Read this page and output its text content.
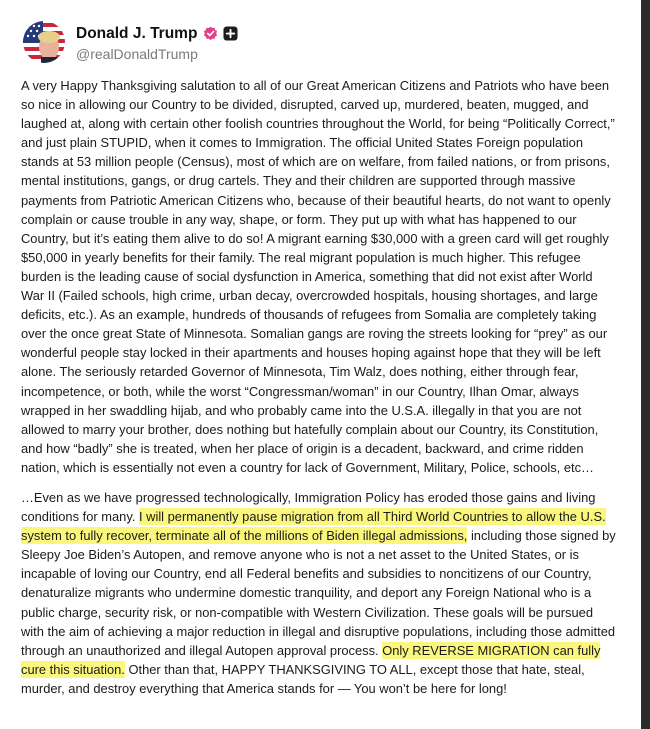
Donald J. Trump
@realDonaldTrump

A very Happy Thanksgiving salutation to all of our Great American Citizens and Patriots who have been so nice in allowing our Country to be divided, disrupted, carved up, murdered, beaten, mugged, and laughed at, along with certain other foolish countries throughout the World, for being “Politically Correct,” and just plain STUPID, when it comes to Immigration. The official United States Foreign population stands at 53 million people (Census), most of which are on welfare, from failed nations, or from prisons, mental institutions, gangs, or drug cartels. They and their children are supported through massive payments from Patriotic American Citizens who, because of their beautiful hearts, do not want to openly complain or cause trouble in any way, shape, or form. They put up with what has happened to our Country, but it’s eating them alive to do so! A migrant earning $30,000 with a green card will get roughly $50,000 in yearly benefits for their family. The real migrant population is much higher. This refugee burden is the leading cause of social dysfunction in America, something that did not exist after World War II (Failed schools, high crime, urban decay, overcrowded hospitals, housing shortages, and large deficits, etc.). As an example, hundreds of thousands of refugees from Somalia are completely taking over the once great State of Minnesota. Somalian gangs are roving the streets looking for “prey” as our wonderful people stay locked in their apartments and houses hoping against hope that they will be left alone. The seriously retarded Governor of Minnesota, Tim Walz, does nothing, either through fear, incompetence, or both, while the worst “Congressman/woman” in our Country, Ilhan Omar, always wrapped in her swaddling hijab, and who probably came into the U.S.A. illegally in that you are not allowed to marry your brother, does nothing but hatefully complain about our Country, its Constitution, and how “badly” she is treated, when her place of origin is a decadent, backward, and crime ridden nation, which is essentially not even a country for lack of Government, Military, Police, schools, etc…

…Even as we have progressed technologically, Immigration Policy has eroded those gains and living conditions for many. I will permanently pause migration from all Third World Countries to allow the U.S. system to fully recover, terminate all of the millions of Biden illegal admissions, including those signed by Sleepy Joe Biden’s Autopen, and remove anyone who is not a net asset to the United States, or is incapable of loving our Country, end all Federal benefits and subsidies to noncitizens of our Country, denaturalize migrants who undermine domestic tranquility, and deport any Foreign National who is a public charge, security risk, or non-compatible with Western Civilization. These goals will be pursued with the aim of achieving a major reduction in illegal and disruptive populations, including those admitted through an unauthorized and illegal Autopen approval process. Only REVERSE MIGRATION can fully cure this situation. Other than that, HAPPY THANKSGIVING TO ALL, except those that hate, steal, murder, and destroy everything that America stands for — You won’t be here for long!
